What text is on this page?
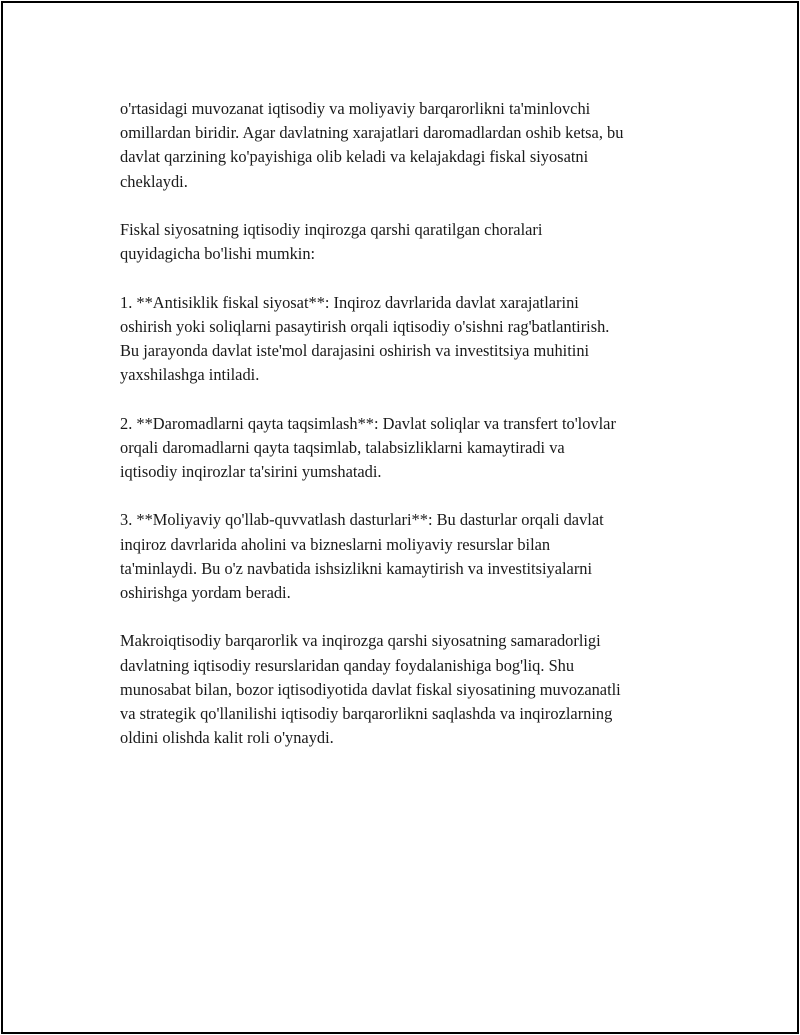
o'rtasidagi muvozanat iqtisodiy va moliyaviy barqarorlikni ta'minlovchi
omillardan biridir. Agar davlatning xarajatlari daromadlardan oshib ketsa, bu
davlat qarzining ko'payishiga olib keladi va kelajakdagi fiskal siyosatni
cheklaydi.

Fiskal siyosatning iqtisodiy inqirozga qarshi qaratilgan choralari
quyidagicha bo'lishi mumkin:

1. **Antisiklik fiskal siyosat**: Inqiroz davrlarida davlat xarajatlarini
oshirish yoki soliqlarni pasaytirish orqali iqtisodiy o'sishni rag'batlantirish.
Bu jarayonda davlat iste'mol darajasini oshirish va investitsiya muhitini
yaxshilashga intiladi.

2. **Daromadlarni qayta taqsimlash**: Davlat soliqlar va transfert to'lovlar
orqali daromadlarni qayta taqsimlab, talabsizliklarni kamaytiradi va
iqtisodiy inqirozlar ta'sirini yumshatadi.

3. **Moliyaviy qo'llab-quvvatlash dasturlari**: Bu dasturlar orqali davlat
inqiroz davrlarida aholini va bizneslarni moliyaviy resurslar bilan
ta'minlaydi. Bu o'z navbatida ishsizlikni kamaytirish va investitsiyalarni
oshirishga yordam beradi.

Makroiqtisodiy barqarorlik va inqirozga qarshi siyosatning samaradorligi
davlatning iqtisodiy resurslaridan qanday foydalanishiga bog'liq. Shu
munosabat bilan, bozor iqtisodiyotida davlat fiskal siyosatining muvozanatli
va strategik qo'llanilishi iqtisodiy barqarorlikni saqlashda va inqirozlarning
oldini olishda kalit roli o'ynaydi.
